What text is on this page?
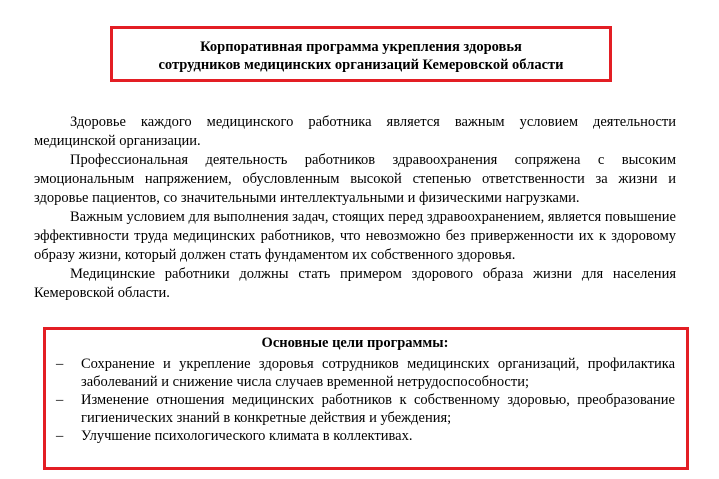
Корпоративная программа укрепления здоровья
сотрудников медицинских организаций Кемеровской области

Здоровье каждого медицинского работника является важным условием деятельности медицинской организации.

Профессиональная деятельность работников здравоохранения сопряжена с высоким эмоциональным напряжением, обусловленным высокой степенью ответственности за жизни и здоровье пациентов, со значительными интеллектуальными и физическими нагрузками.

Важным условием для выполнения задач, стоящих перед здравоохранением, является повышение эффективности труда медицинских работников, что невозможно без приверженности их к здоровому образу жизни, который должен стать фундаментом их собственного здоровья.

Медицинские работники должны стать примером здорового образа жизни для населения Кемеровской области.

Основные цели программы:
– Сохранение и укрепление здоровья сотрудников медицинских организаций, профилактика заболеваний и снижение числа случаев временной нетрудоспособности;
– Изменение отношения медицинских работников к собственному здоровью, преобразование гигиенических знаний в конкретные действия и убеждения;
– Улучшение психологического климата в коллективах.
